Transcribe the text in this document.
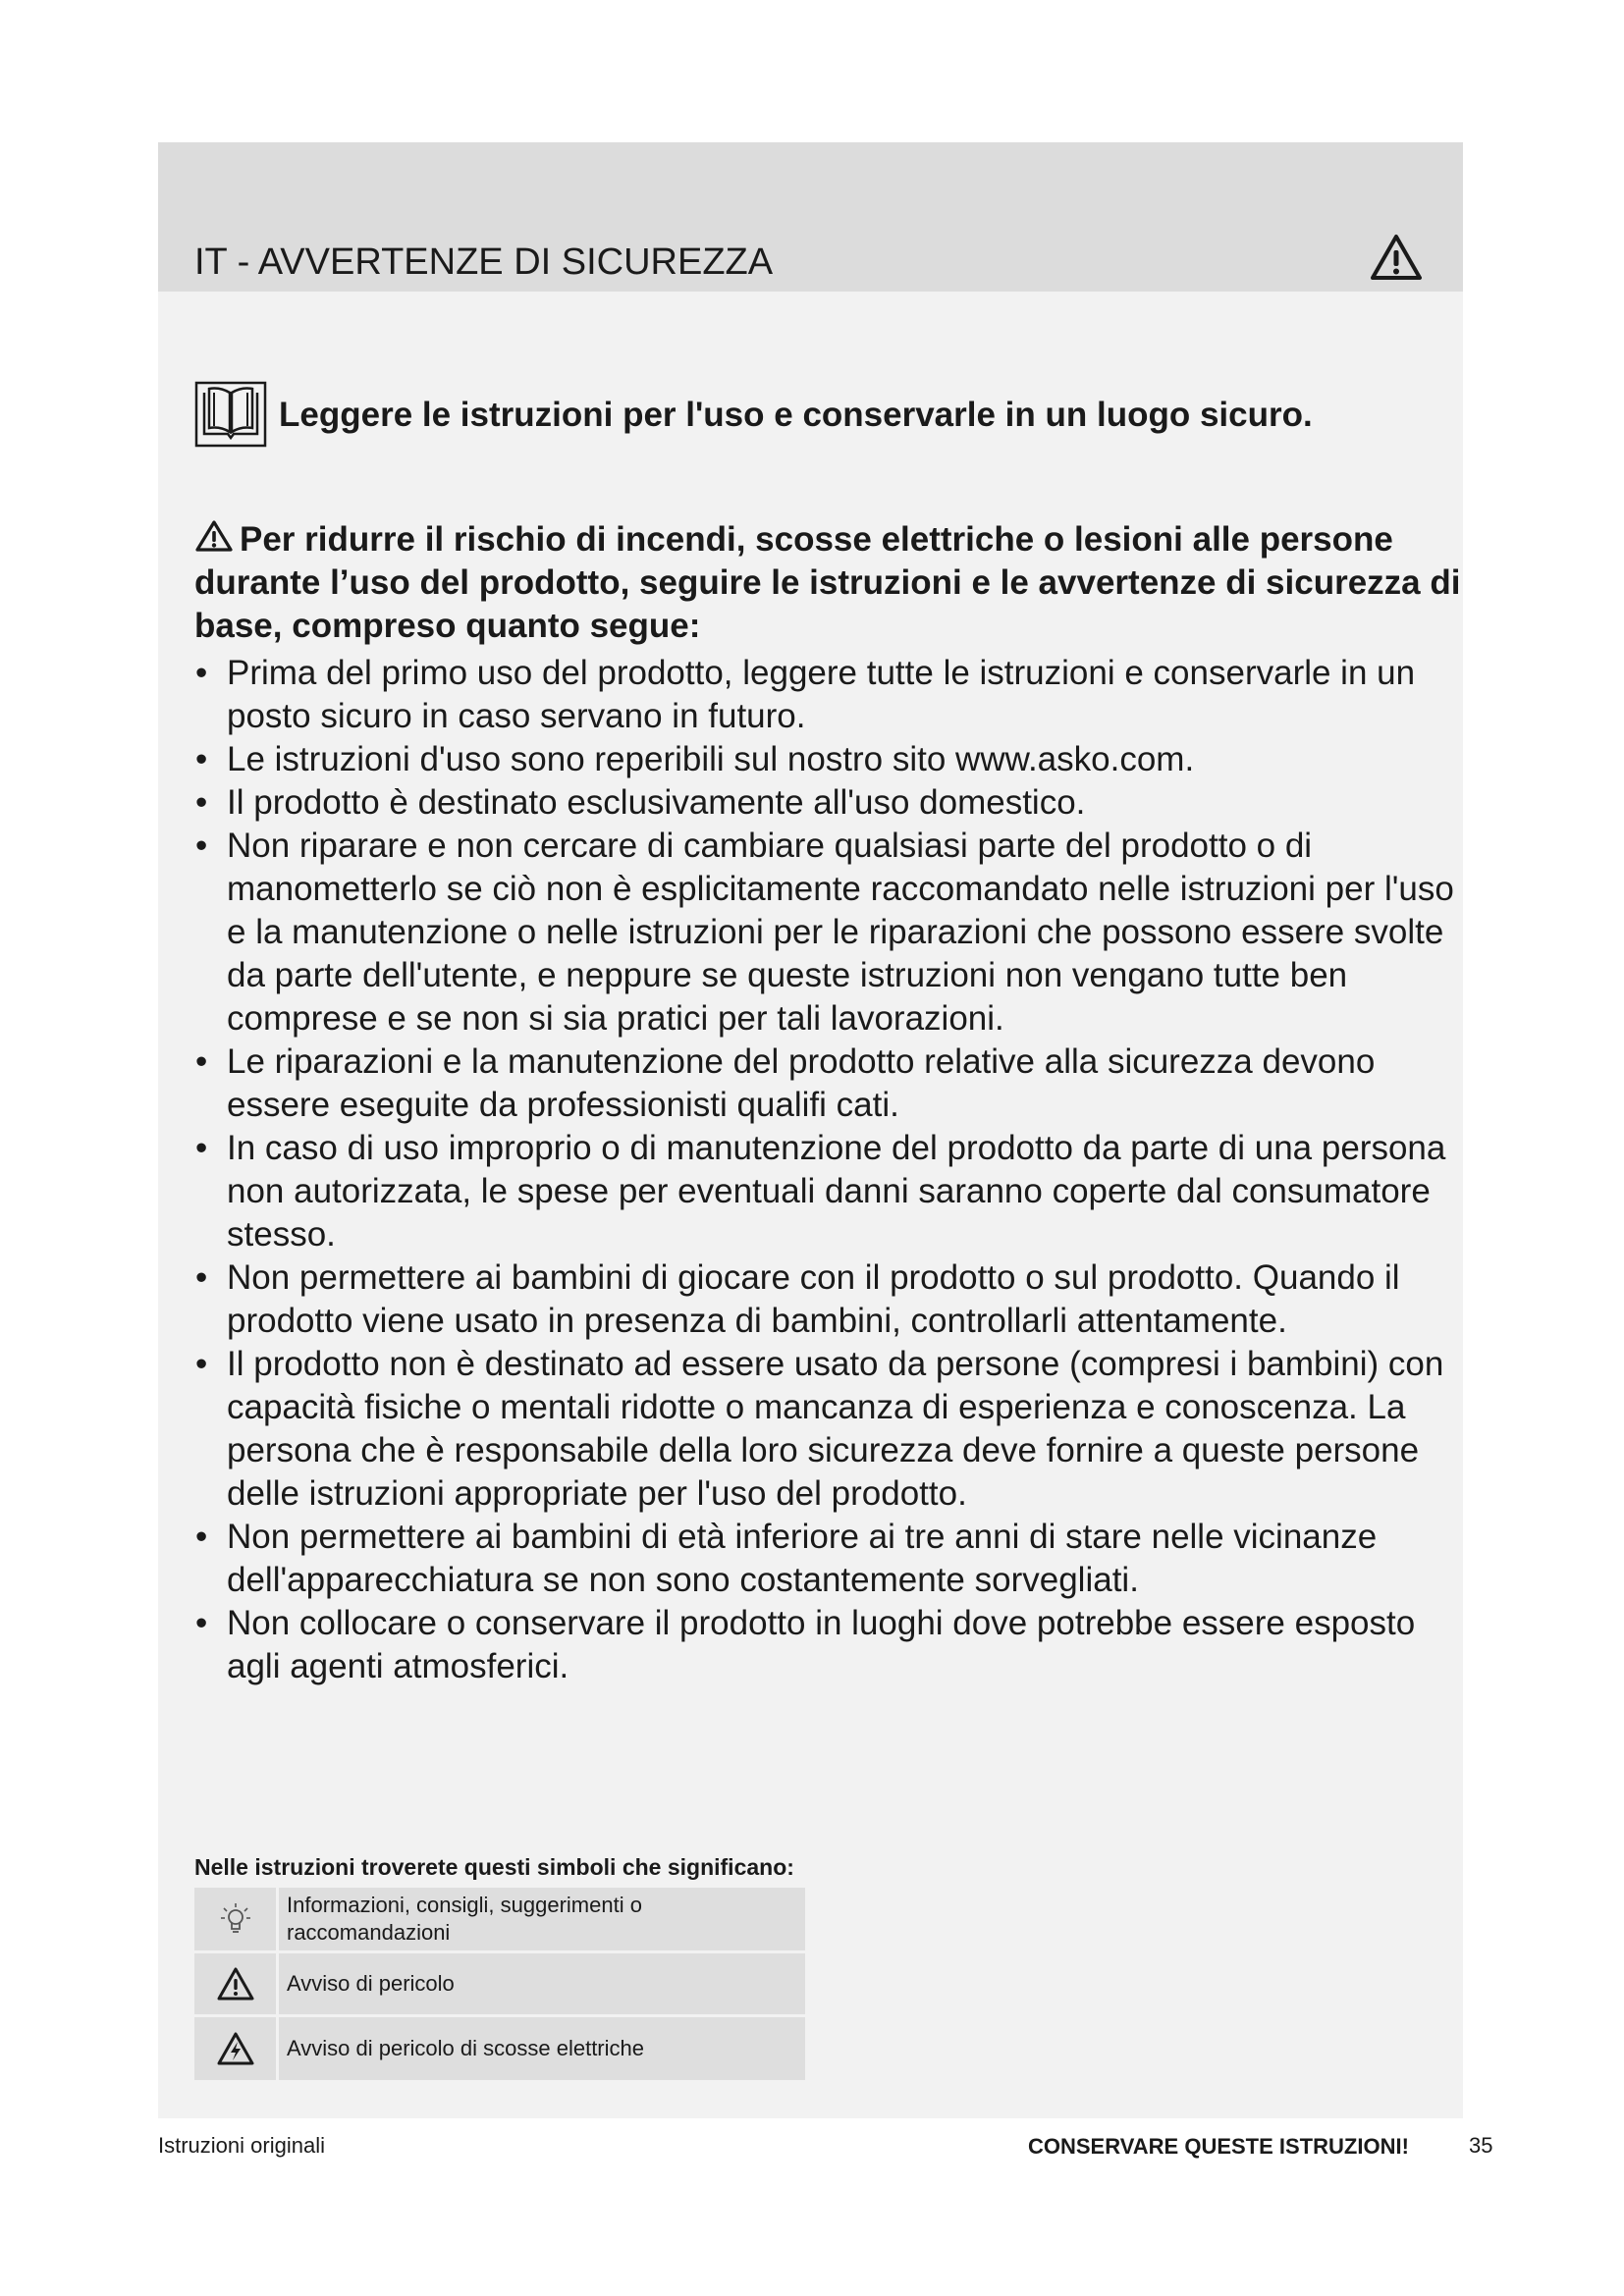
IT - AVVERTENZE DI SICUREZZA
Leggere le istruzioni per l'uso e conservarle in un luogo sicuro.
Per ridurre il rischio di incendi, scosse elettriche o lesioni alle persone durante l’uso del prodotto, seguire le istruzioni e le avvertenze di sicurezza di base, compreso quanto segue:
• Prima del primo uso del prodotto, leggere tutte le istruzioni e conservarle in un posto sicuro in caso servano in futuro.
• Le istruzioni d'uso sono reperibili sul nostro sito www.asko.com.
• Il prodotto è destinato esclusivamente all'uso domestico.
• Non riparare e non cercare di cambiare qualsiasi parte del prodotto o di manometterlo se ciò non è esplicitamente raccomandato nelle istruzioni per l'uso e la manutenzione o nelle istruzioni per le riparazioni che possono essere svolte da parte dell'utente, e neppure se queste istruzioni non vengano tutte ben comprese e se non si sia pratici per tali lavorazioni.
• Le riparazioni e la manutenzione del prodotto relative alla sicurezza devono essere eseguite da professionisti qualifi cati.
• In caso di uso improprio o di manutenzione del prodotto da parte di una persona non autorizzata, le spese per eventuali danni saranno coperte dal consumatore stesso.
• Non permettere ai bambini di giocare con il prodotto o sul prodotto. Quando il prodotto viene usato in presenza di bambini, controllarli attentamente.
• Il prodotto non è destinato ad essere usato da persone (compresi i bambini) con capacità fisiche o mentali ridotte o mancanza di esperienza e conoscenza. La persona che è responsabile della loro sicurezza deve fornire a queste persone delle istruzioni appropriate per l'uso del prodotto.
• Non permettere ai bambini di età inferiore ai tre anni di stare nelle vicinanze dell'apparecchiatura se non sono costantemente sorvegliati.
• Non collocare o conservare il prodotto in luoghi dove potrebbe essere esposto agli agenti atmosferici.
Nelle istruzioni troverete questi simboli che significano:
Informazioni, consigli, suggerimenti o raccomandazioni
Avviso di pericolo
Avviso di pericolo di scosse elettriche
Istruzioni originali	CONSERVARE QUESTE ISTRUZIONI!	35
